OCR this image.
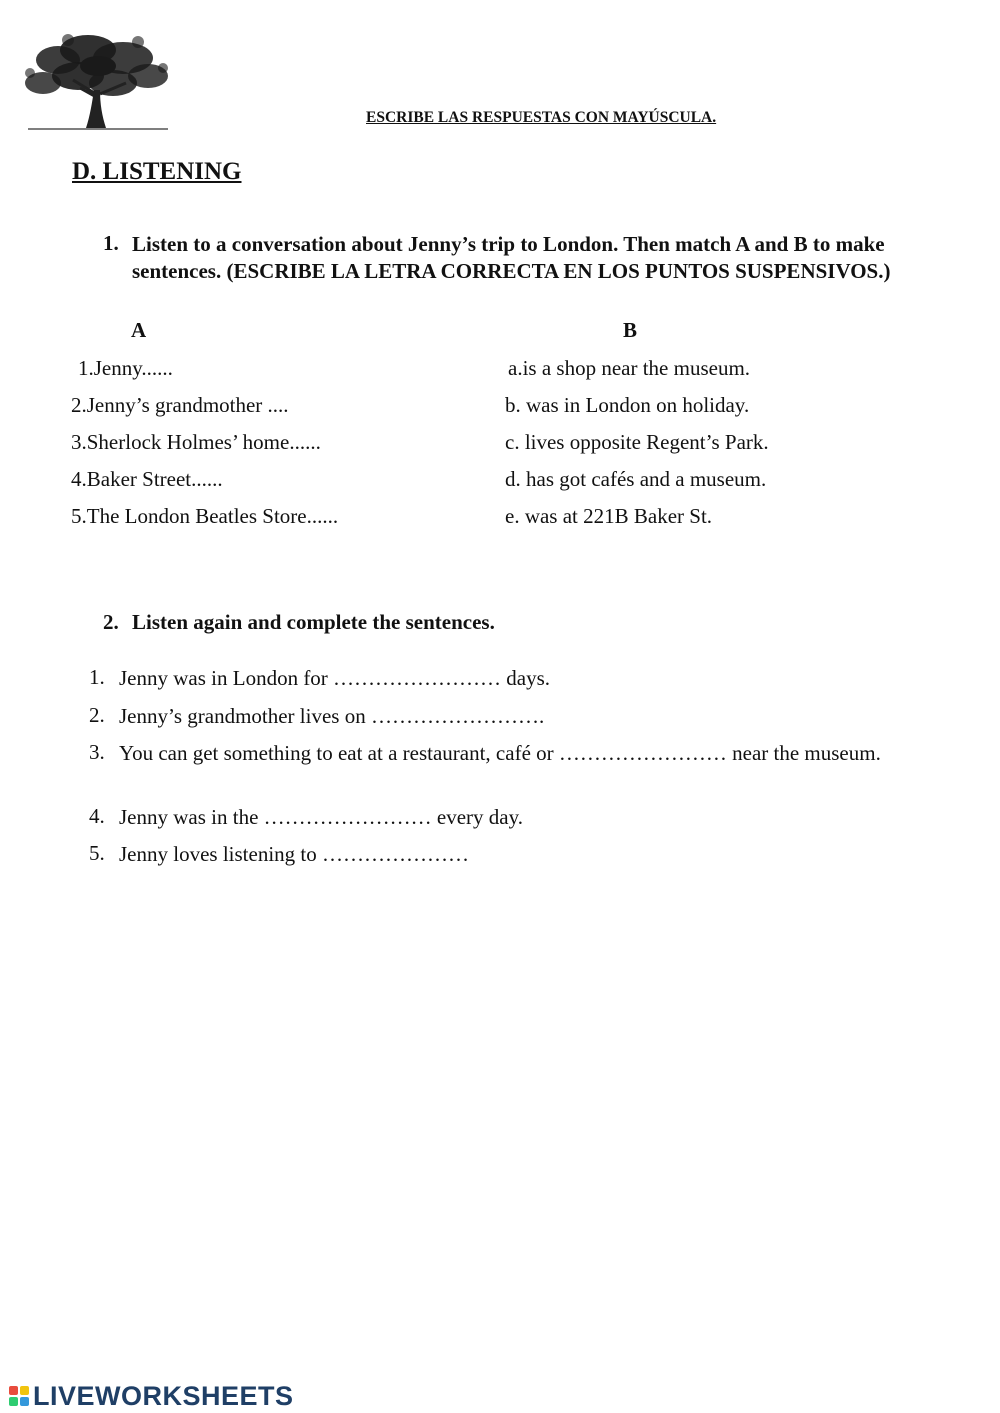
ESCRIBE LAS RESPUESTAS CON MAYÚSCULA.
D. LISTENING
1. Listen to a conversation about Jenny’s trip to London. Then match A and B to make sentences. (ESCRIBE LA LETRA CORRECTA EN LOS PUNTOS SUSPENSIVOS.)
A	B
1.Jenny......
2.Jenny’s grandmother ....
3.Sherlock Holmes’ home......
4.Baker Street......
5.The London Beatles Store......
a.is a shop near the museum.
b. was in London on holiday.
c. lives opposite Regent’s Park.
d. has got cafés and a museum.
e. was at 221B Baker St.
2. Listen again and complete the sentences.
1. Jenny was in London for …………………… days.
2. Jenny’s grandmother lives on …………………….
3. You can get something to eat at a restaurant, café or …………………… near the museum.
4. Jenny was in the …………………… every day.
5. Jenny loves listening to …………………
LIVEWORKSHEETS
